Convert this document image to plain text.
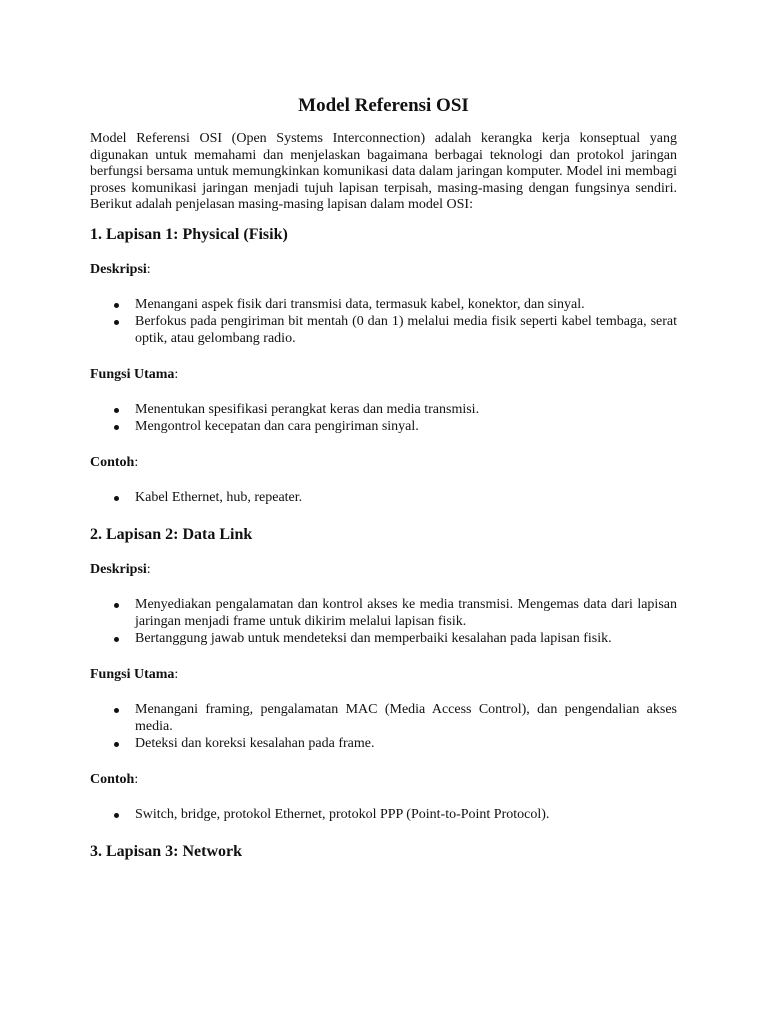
Model Referensi OSI

Model Referensi OSI (Open Systems Interconnection) adalah kerangka kerja konseptual yang digunakan untuk memahami dan menjelaskan bagaimana berbagai teknologi dan protokol jaringan berfungsi bersama untuk memungkinkan komunikasi data dalam jaringan komputer. Model ini membagi proses komunikasi jaringan menjadi tujuh lapisan terpisah, masing-masing dengan fungsinya sendiri. Berikut adalah penjelasan masing-masing lapisan dalam model OSI:

1. Lapisan 1: Physical (Fisik)

Deskripsi:

Menangani aspek fisik dari transmisi data, termasuk kabel, konektor, dan sinyal.
Berfokus pada pengiriman bit mentah (0 dan 1) melalui media fisik seperti kabel tembaga, serat optik, atau gelombang radio.

Fungsi Utama:

Menentukan spesifikasi perangkat keras dan media transmisi.
Mengontrol kecepatan dan cara pengiriman sinyal.

Contoh:

Kabel Ethernet, hub, repeater.
2. Lapisan 2: Data Link

Deskripsi:

Menyediakan pengalamatan dan kontrol akses ke media transmisi. Mengemas data dari lapisan jaringan menjadi frame untuk dikirim melalui lapisan fisik.
Bertanggung jawab untuk mendeteksi dan memperbaiki kesalahan pada lapisan fisik.

Fungsi Utama:

Menangani framing, pengalamatan MAC (Media Access Control), dan pengendalian akses media.
Deteksi dan koreksi kesalahan pada frame.

Contoh:

Switch, bridge, protokol Ethernet, protokol PPP (Point-to-Point Protocol).
3. Lapisan 3: Network
